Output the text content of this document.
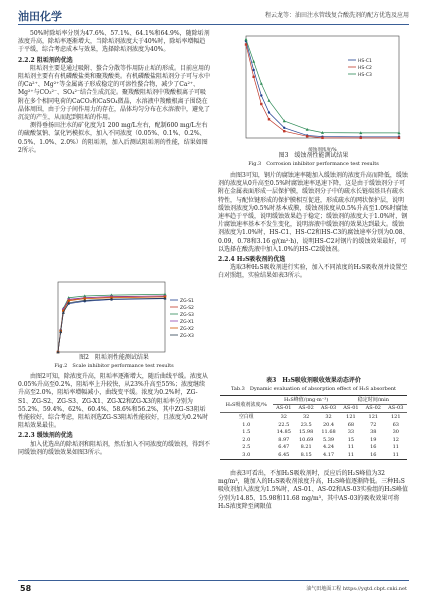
油田化学	程云龙等：油田注水管线复合酸洗剂的配方优选及应用

50%时除垢率分别为47.6%、57.1%、64.1%和64.9%，随除垢剂浓度升高，除垢率逐渐增大，当除垢剂浓度大于40%时，除垢率增幅趋于平缓，综合考虑成本与效果，选择除垢剂浓度为40%。

2.2.2 阻垢剂的优选

阻垢剂主要是通过吸附、螯合分散等作用防止垢的形成。目前应用的阻垢剂主要有有机磷酸盐类和聚羧酸类。有机磷酸盐阻垢剂分子可与水中的Ca²⁺、Mg²⁺等金属离子形成稳定的可溶性螯合物，减少了Ca²⁺、Mg²⁺与CO₃²⁻、SO₄²⁻结合生成沉淀。聚羧酸阻垢剂中羧酸根离子可吸附在多个相同电荷的CaCO₃和CaSO₄微晶，水溶液中羧酸根离子围绕在晶体周围，由于分子间作用力的存在，晶体均匀分布在水溶液中，避免了沉淀的产生，从而起到阻垢的作用。

测得垂扬田注水的矿化度为1 200 mg/L左右，配制600 mg/L左右的硫酸氢钠、氯化钙模拟水，加入不同浓度（0.05%、0.1%、0.2%、0.5%、1.0%、2.0%）的阻垢剂，加入后测试阻垢剂的性能，结果如图2所示。

ZG-S1
ZG-S2
ZG-S3
ZG-X1
ZG-X2
ZG-X3
图2　阻垢剂性能测试结果
Fig.2　Scale inhibitor performance test results

由图2可知，除浓度升高，阻垢率逐渐增大，随后曲线平缓。浓度从0.05%升高至0.2%，阻垢率上升较快，从23%升高至55%；浓度继续升高至2.0%，阻垢率增幅减小，曲线变平缓。浓度为0.2%时，ZG-S1、ZG-S2、ZG-S3、ZG-X1、ZG-X2和ZG-X3的阻垢率分别为55.2%、59.4%、62%、60.4%、58.6%和56.2%，其中ZG-S3阻垢性能较好，综合考虑，阻垢剂选ZG-S3阻垢性能较好，且浓度为0.2%时阻垢效果最佳。

2.2.3 缓蚀剂的优选

加入优选出的除垢剂和阻垢剂，然后加入不同浓度的缓蚀剂，得到不同缓蚀剂的缓蚀效果如图3所示。

HS-C1
HS-C2
HS-C3
缓蚀剂浓度/%
图3　缓蚀剂性能测试结果
Fig.3　Corrosion inhibitor performance test results

由图3可知，钢片的腐蚀速率随加入缓蚀剂的浓度升高而降低，缓蚀剂的浓度从0升高至0.5%时腐蚀速率迅速下降，这是由于缓蚀剂分子可附在金属表面形成一层保护膜，缓蚀剂分子中的疏水长链端基具有疏水特性，与配位键形成的保护膜相互促进，形成疏水的网状保护层，说明缓蚀剂浓度为0.5%时基本成膜，缓蚀剂浓度从0.5%升高至1.0%时腐蚀速率趋于平缓，说明缓蚀效果趋于稳定；缓蚀剂的浓度大于1.0%时，钢片腐蚀速率基本不发生变化，说明溶液中缓蚀剂的效果达到最大。缓蚀剂浓度为1.0%时，HS-C1、HS-C2和HS-C3的腐蚀速率分别为0.08、0.09、0.78和3.16 g/(m²·h)，说明HS-C2对钢片的缓蚀效果最好，可以选择在酸洗液中加入1.0%的HS-C2缓蚀剂。

2.2.4 H₂S吸收剂的优选

选取3种H₂S吸收剂进行实验，加入不同浓度的H₂S吸收剂并设置空白对照组，实验结果如表3所示。

表3　H₂S吸收剂吸收效果动态评价
Tab.3　Dynamic evaluation of absorption effect of H₂S absorbent
H₂S吸收剂浓度/%	H₂S峰值/(mg·m⁻³)			稳定时间/min		
	AS-01	AS-02	AS-03	AS-01	AS-02	AS-03
空白组	32	32	32	121	121	121
1.0	22.5	23.5	20.4	68	72	63
1.5	14.85	15.98	11.68	33	38	30
2.0	8.97	10.69	5.39	15	19	12
2.5	6.47	8.21	4.24	11	16	11
3.0	6.45	8.15	4.17	11	16	11

由表3可看出，不加H₂S吸收剂时，反应后的H₂S峰值为32 mg/m³，随加入的H₂S吸收剂浓度升高，H₂S峰值逐渐降低。三种H₂S吸收剂加入浓度为1.5%时，AS-01、AS-02和AS-03实验组的H₂S峰值分别为14.85、15.98和11.68 mg/m³，其中AS-03的吸收效果可将H₂S浓度降至阈限值

58	油气田地面工程 https://yqtd.cbpt.cnki.net
